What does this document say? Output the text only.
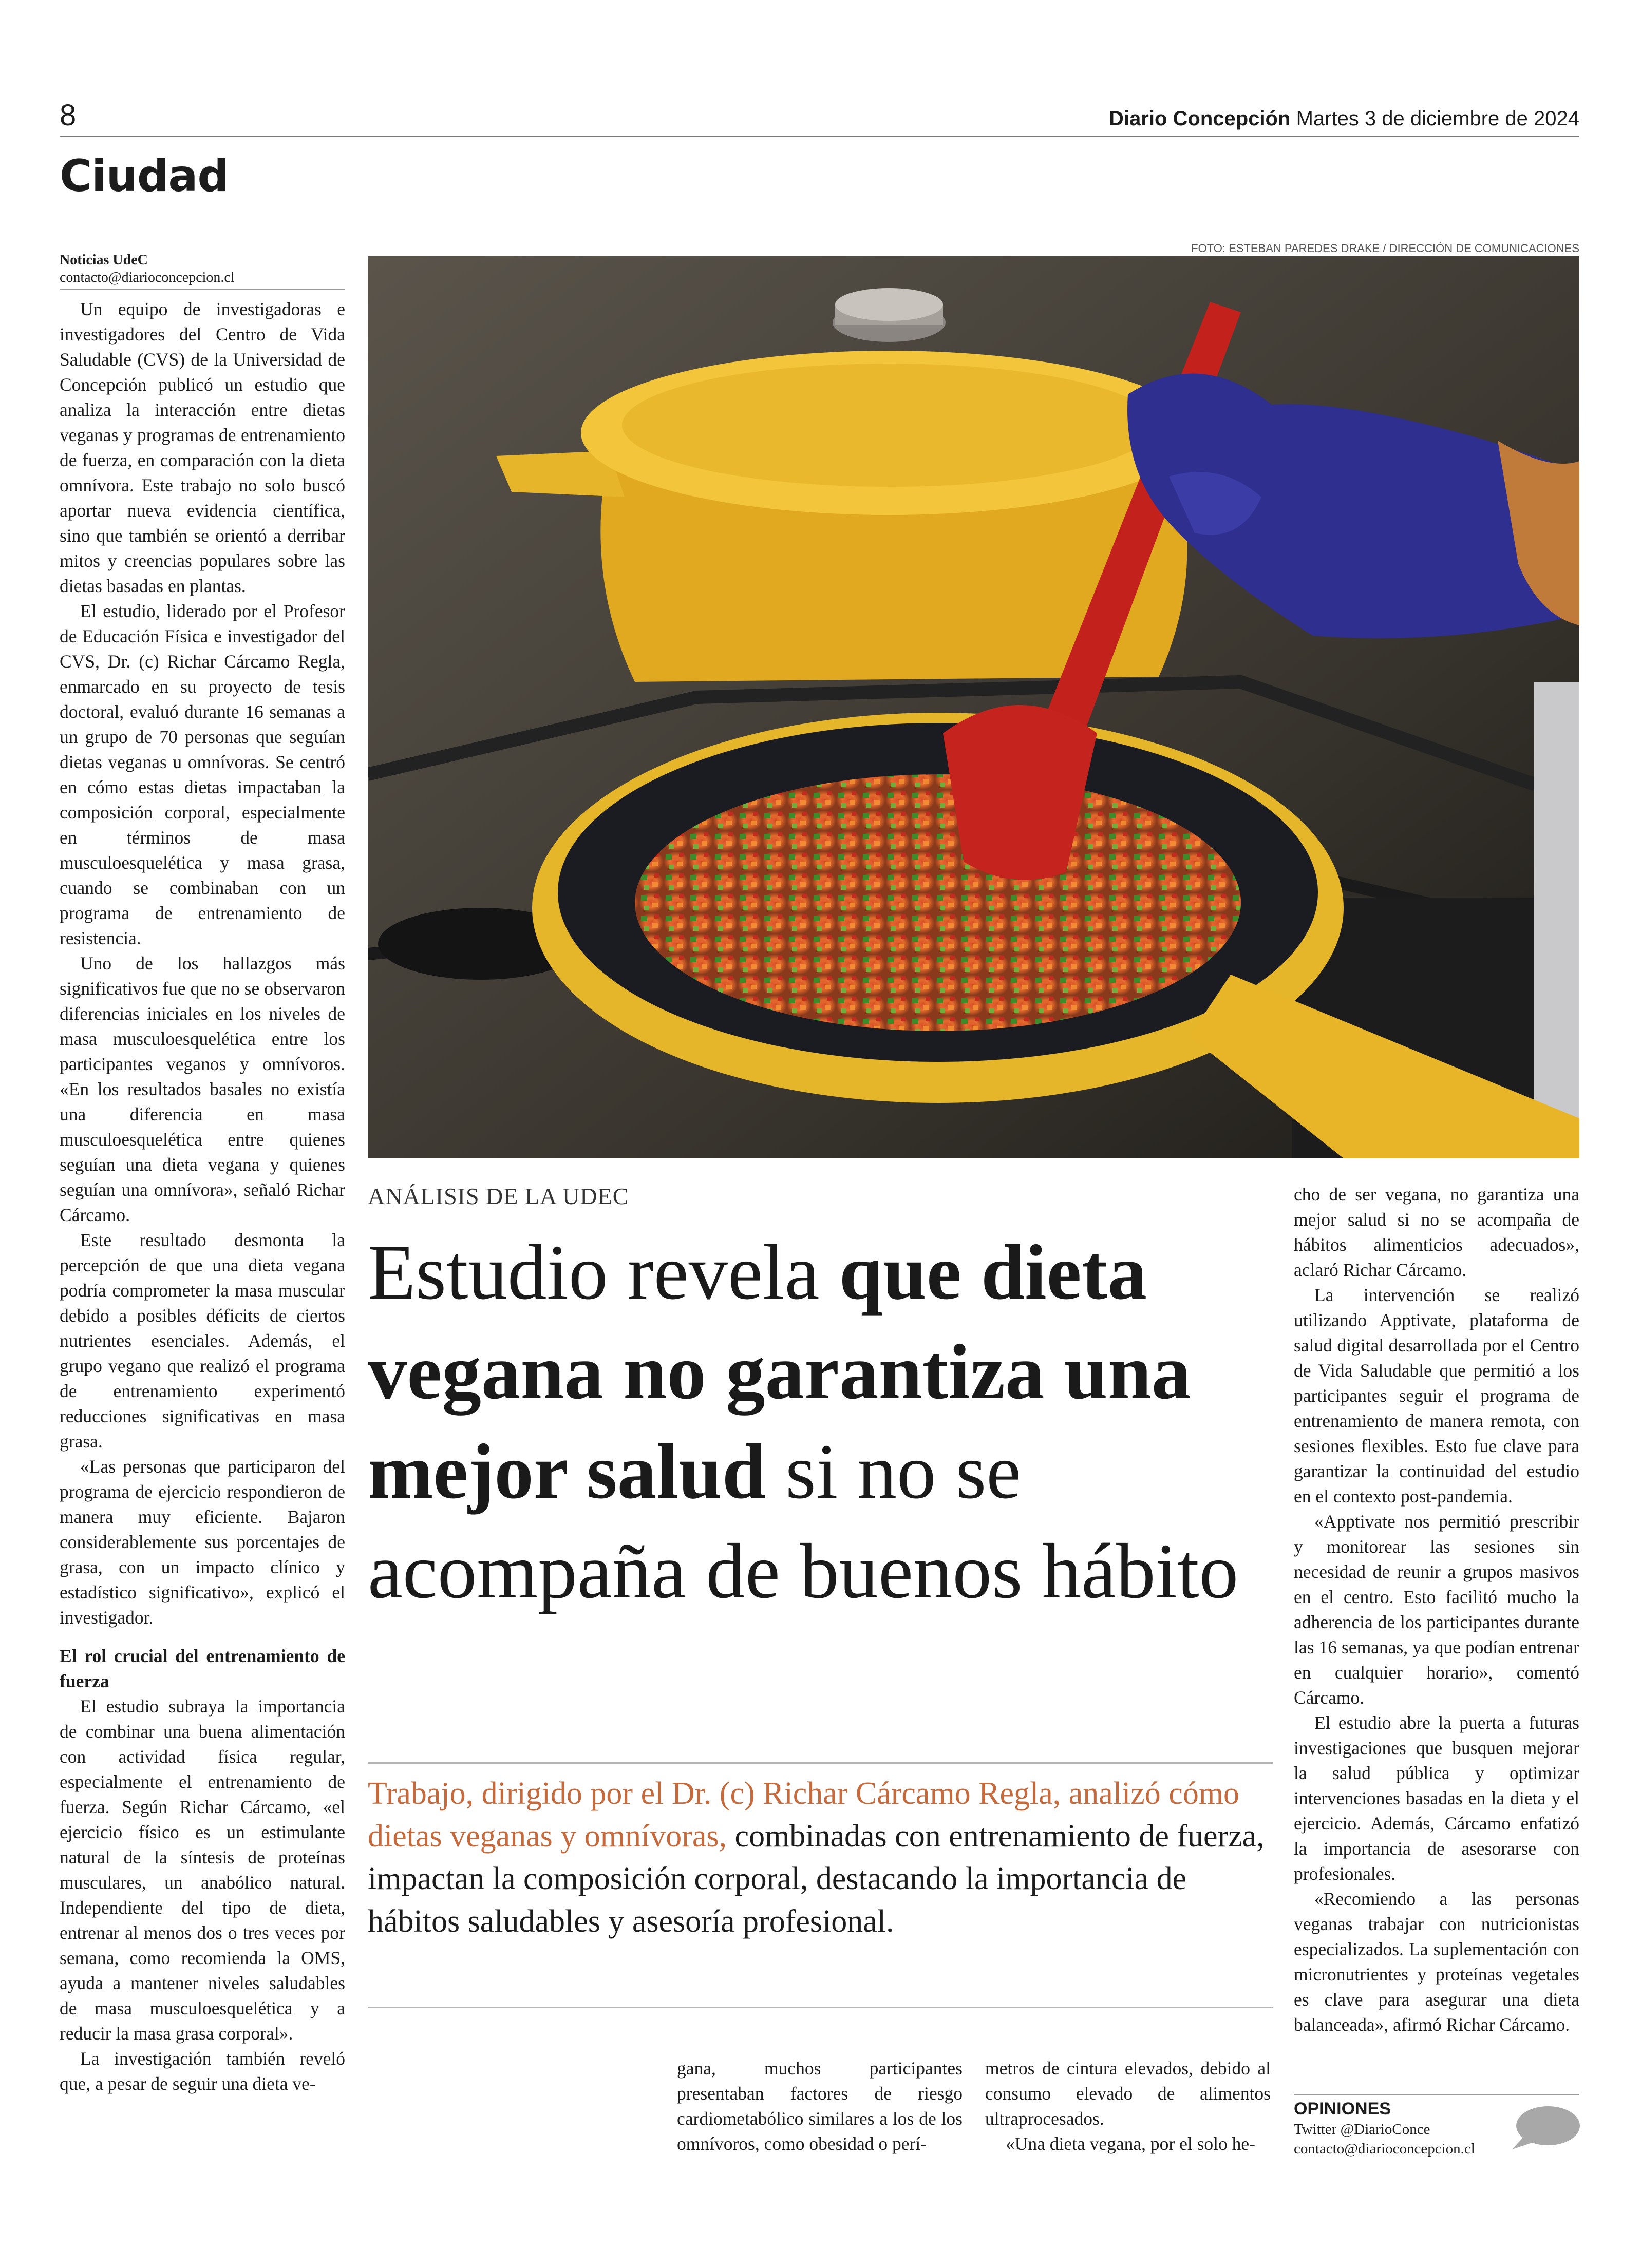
8	Diario Concepción Martes 3 de diciembre de 2024
Ciudad
Noticias UdeC
contacto@diarioconcepcion.cl

Un equipo de investigadoras e investigadores del Centro de Vida Saludable (CVS) de la Universidad de Concepción publicó un estudio que analiza la interacción entre dietas veganas y programas de entrenamiento de fuerza, en comparación con la dieta omnívora. Este trabajo no solo buscó aportar nueva evidencia científica, sino que también se orientó a derribar mitos y creencias populares sobre las dietas basadas en plantas.

El estudio, liderado por el Profesor de Educación Física e investigador del CVS, Dr. (c) Richar Cárcamo Regla, enmarcado en su proyecto de tesis doctoral, evaluó durante 16 semanas a un grupo de 70 personas que seguían dietas veganas u omnívoras. Se centró en cómo estas dietas impactaban la composición corporal, especialmente en términos de masa musculoesquelética y masa grasa, cuando se combinaban con un programa de entrenamiento de resistencia.

Uno de los hallazgos más significativos fue que no se observaron diferencias iniciales en los niveles de masa musculoesquelética entre los participantes veganos y omnívoros. «En los resultados basales no existía una diferencia en masa musculoesquelética entre quienes seguían una dieta vegana y quienes seguían una omnívora», señaló Richar Cárcamo.

Este resultado desmonta la percepción de que una dieta vegana podría comprometer la masa muscular debido a posibles déficits de ciertos nutrientes esenciales. Además, el grupo vegano que realizó el programa de entrenamiento experimentó reducciones significativas en masa grasa.

«Las personas que participaron del programa de ejercicio respondieron de manera muy eficiente. Bajaron considerablemente sus porcentajes de grasa, con un impacto clínico y estadístico significativo», explicó el investigador.

El rol crucial del entrenamiento de fuerza

El estudio subraya la importancia de combinar una buena alimentación con actividad física regular, especialmente el entrenamiento de fuerza. Según Richar Cárcamo, «el ejercicio físico es un estimulante natural de la síntesis de proteínas musculares, un anabólico natural. Independiente del tipo de dieta, entrenar al menos dos o tres veces por semana, como recomienda la OMS, ayuda a mantener niveles saludables de masa musculoesquelética y a reducir la masa grasa corporal».

La investigación también reveló que, a pesar de seguir una dieta ve-

FOTO: ESTEBAN PAREDES DRAKE / DIRECCIÓN DE COMUNICACIONES
ANÁLISIS DE LA UDEC
Estudio revela que dieta vegana no garantiza una mejor salud si no se acompaña de buenos hábito
Trabajo, dirigido por el Dr. (c) Richar Cárcamo Regla, analizó cómo dietas veganas y omnívoras, combinadas con entrenamiento de fuerza, impactan la composición corporal, destacando la importancia de hábitos saludables y asesoría profesional.

gana, muchos participantes presentaban factores de riesgo cardiometabólico similares a los de los omnívoros, como obesidad o perí-

metros de cintura elevados, debido al consumo elevado de alimentos ultraprocesados.

«Una dieta vegana, por el solo he-

cho de ser vegana, no garantiza una mejor salud si no se acompaña de hábitos alimenticios adecuados», aclaró Richar Cárcamo.

La intervención se realizó utilizando Apptivate, plataforma de salud digital desarrollada por el Centro de Vida Saludable que permitió a los participantes seguir el programa de entrenamiento de manera remota, con sesiones flexibles. Esto fue clave para garantizar la continuidad del estudio en el contexto post-pandemia.

«Apptivate nos permitió prescribir y monitorear las sesiones sin necesidad de reunir a grupos masivos en el centro. Esto facilitó mucho la adherencia de los participantes durante las 16 semanas, ya que podían entrenar en cualquier horario», comentó Cárcamo.

El estudio abre la puerta a futuras investigaciones que busquen mejorar la salud pública y optimizar intervenciones basadas en la dieta y el ejercicio. Además, Cárcamo enfatizó la importancia de asesorarse con profesionales.

«Recomiendo a las personas veganas trabajar con nutricionistas especializados. La suplementación con micronutrientes y proteínas vegetales es clave para asegurar una dieta balanceada», afirmó Richar Cárcamo.

OPINIONES
Twitter @DiarioConce
contacto@diarioconcepcion.cl
